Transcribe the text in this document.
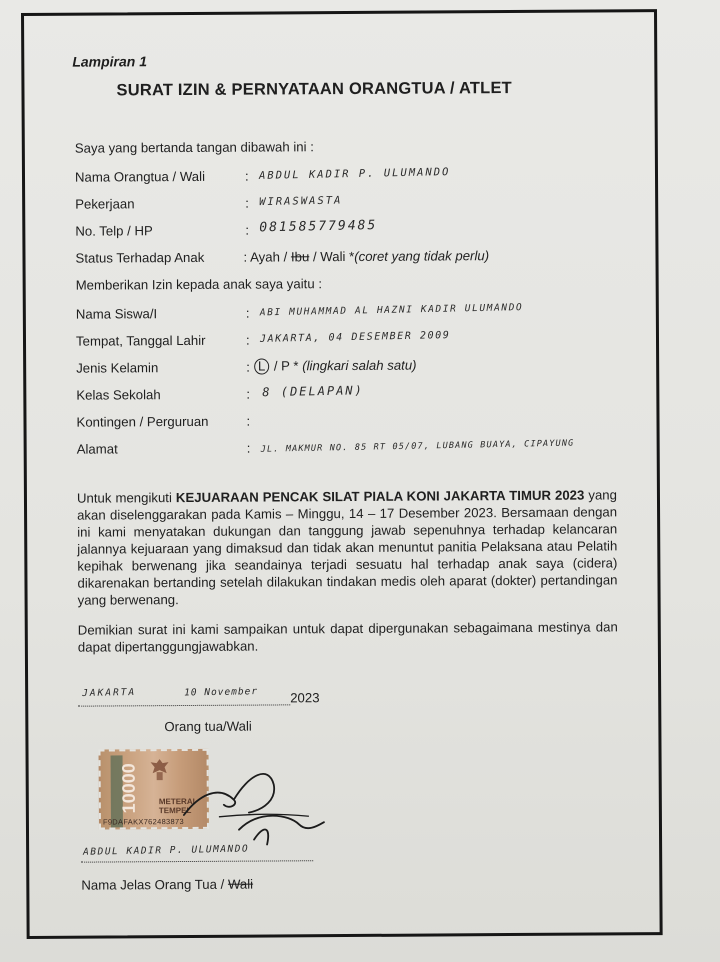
Lampiran 1
SURAT IZIN & PERNYATAAN ORANGTUA / ATLET
Saya yang bertanda tangan dibawah ini :
Nama Orangtua / Wali	: ABDUL KADIR P. ULUMANDO
Pekerjaan	: WIRASWASTA
No. Telp / HP	: 081585779485
Status Terhadap Anak	: Ayah / Ibu / Wali *(coret yang tidak perlu)
Memberikan Izin kepada anak saya yaitu :
Nama Siswa/I	: ABI MUHAMMAD AL HAZNI KADIR ULUMANDO
Tempat, Tanggal Lahir	: JAKARTA, 04 DESEMBER 2009
Jenis Kelamin	: L / P * (lingkari salah satu)
Kelas Sekolah	: 8 (DELAPAN)
Kontingen / Perguruan	:
Alamat	: JL. MAKMUR NO. 85 RT 05/07, LUBANG BUAYA, CIPAYUNG
Untuk mengikuti KEJUARAAN PENCAK SILAT PIALA KONI JAKARTA TIMUR 2023 yang akan diselenggarakan pada Kamis – Minggu, 14 – 17 Desember 2023. Bersamaan dengan ini kami menyatakan dukungan dan tanggung jawab sepenuhnya terhadap kelancaran jalannya kejuaraan yang dimaksud dan tidak akan menuntut panitia Pelaksana atau Pelatih kepihak berwenang jika seandainya terjadi sesuatu hal terhadap anak saya (cidera) dikarenakan bertanding setelah dilakukan tindakan medis oleh aparat (dokter) pertandingan yang berwenang.
Demikian surat ini kami sampaikan untuk dapat dipergunakan sebagaimana mestinya dan dapat dipertanggungjawabkan.
JAKARTA	10 November 2023
Orang tua/Wali
10000 METERAI
TEMPEL
F9DAFAKX762483873
ABDUL KADIR P. ULUMANDO
Nama Jelas Orang Tua / Wali
